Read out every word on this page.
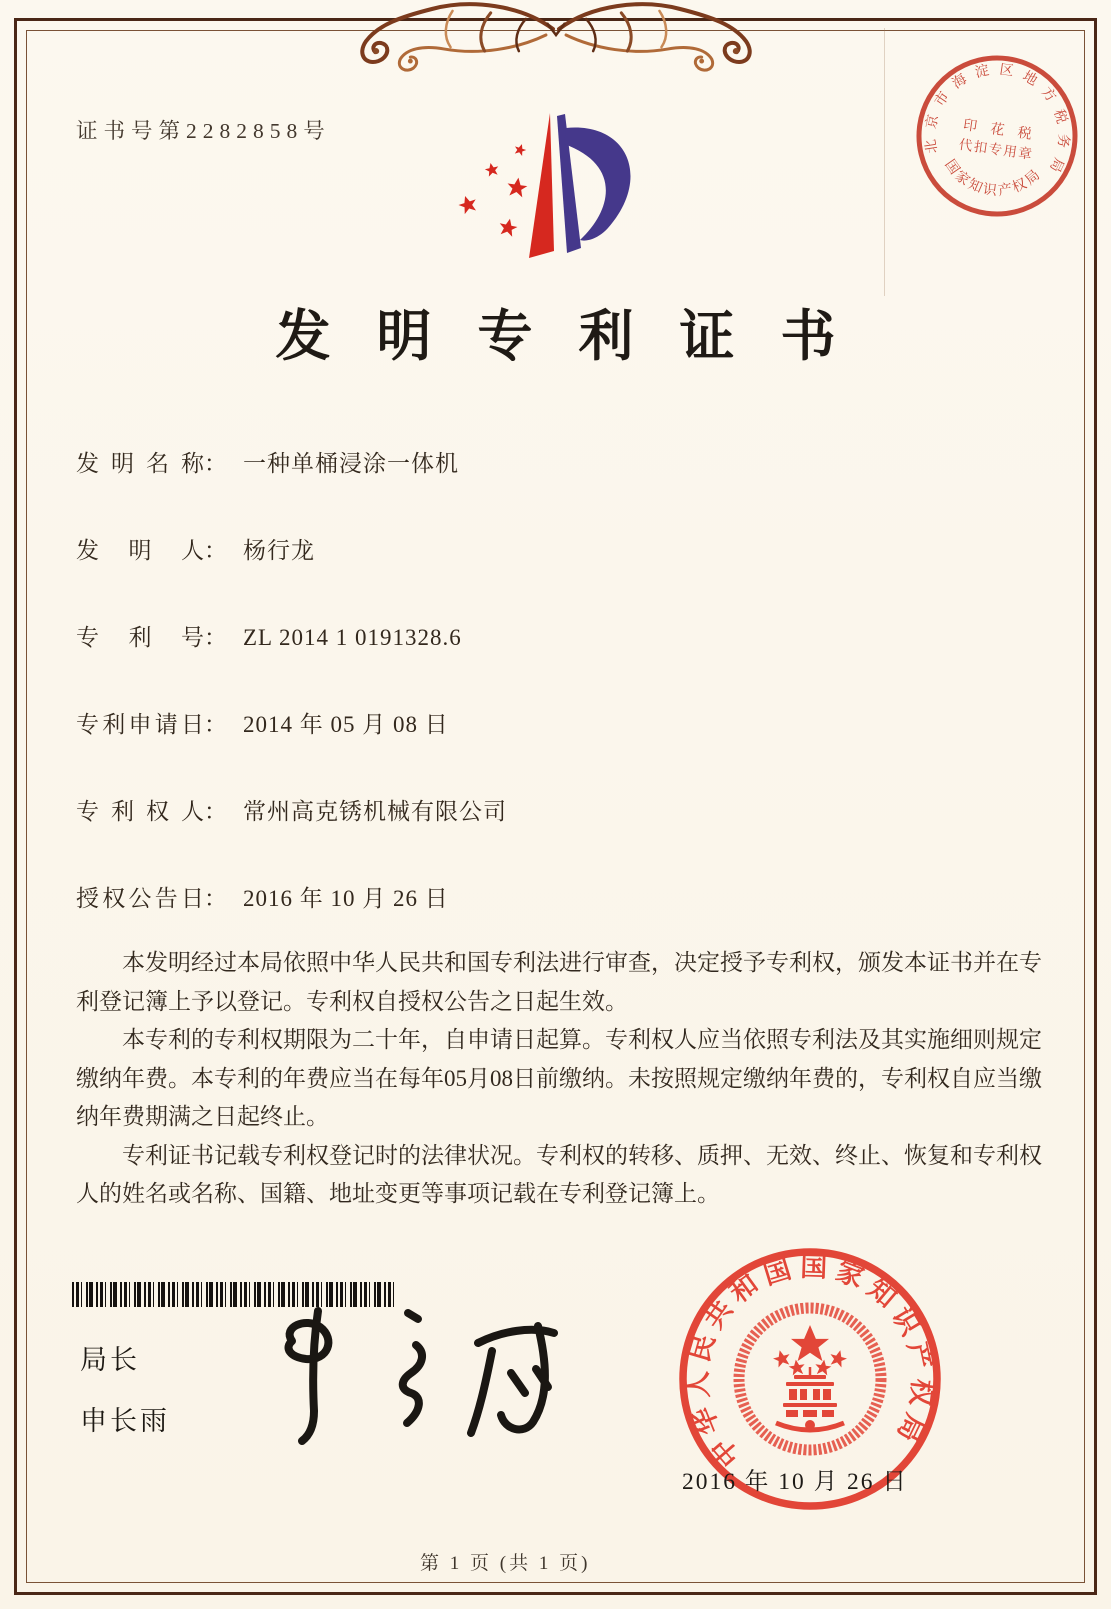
证书号第2282858号
北京市海淀区地方税务局
国家知识产权局
印 花 税
代扣专用章
发明专利证书
发明名称： 一种单桶浸涂一体机
发明人： 杨行龙
专利号： ZL 2014 1 0191328.6
专利申请日： 2014 年 05 月 08 日
专利权人： 常州高克锈机械有限公司
授权公告日： 2016 年 10 月 26 日

本发明经过本局依照中华人民共和国专利法进行审查，决定授予专利权，颁发本证书并在专利登记簿上予以登记。专利权自授权公告之日起生效。

本专利的专利权期限为二十年，自申请日起算。专利权人应当依照专利法及其实施细则规定缴纳年费。本专利的年费应当在每年05月08日前缴纳。未按照规定缴纳年费的，专利权自应当缴纳年费期满之日起终止。

专利证书记载专利权登记时的法律状况。专利权的转移、质押、无效、终止、恢复和专利权人的姓名或名称、国籍、地址变更等事项记载在专利登记簿上。

局长
申长雨
中华人民共和国国家知识产权局
2016 年 10 月 26 日
第 1 页 (共 1 页)
